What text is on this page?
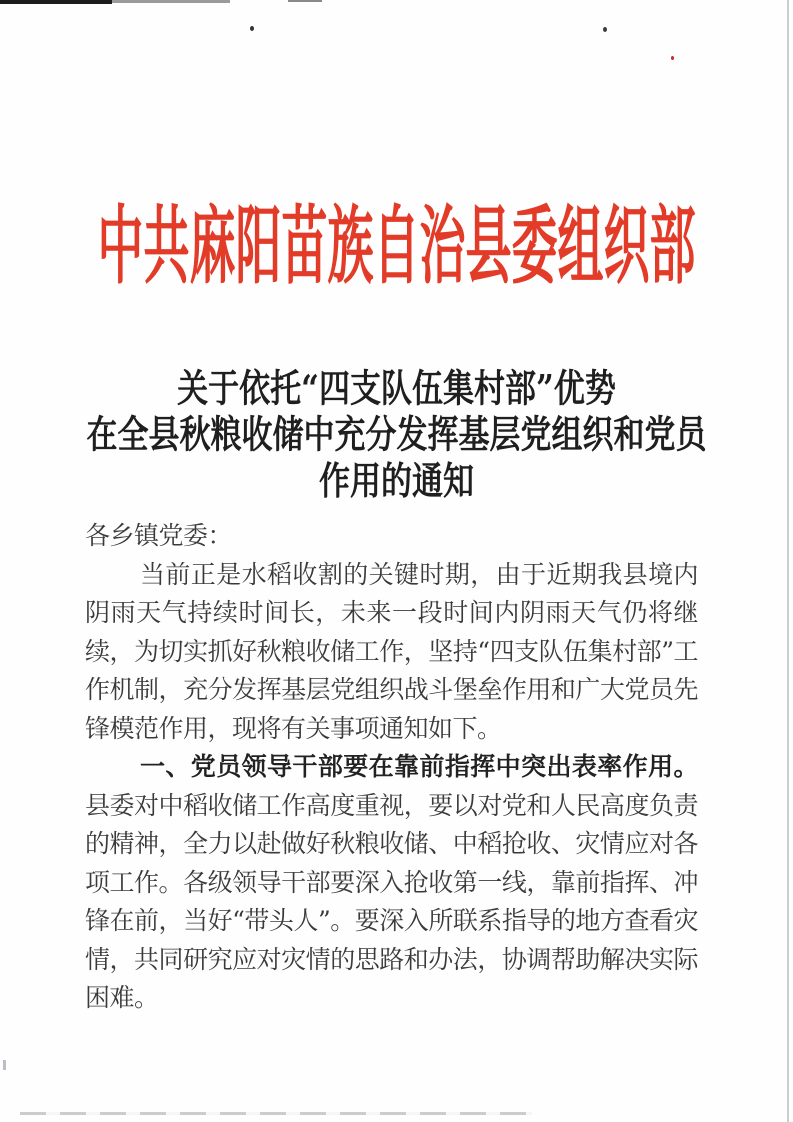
中共麻阳苗族自治县委组织部
关于依托“四支队伍集村部”优势
在全县秋粮收储中充分发挥基层党组织和党员
作用的通知

各乡镇党委：

当前正是水稻收割的关键时期，由于近期我县境内阴雨天气持续时间长，未来一段时间内阴雨天气仍将继续，为切实抓好秋粮收储工作，坚持“四支队伍集村部”工作机制，充分发挥基层党组织战斗堡垒作用和广大党员先锋模范作用，现将有关事项通知如下。

一、党员领导干部要在靠前指挥中突出表率作用。县委对中稻收储工作高度重视，要以对党和人民高度负责的精神，全力以赴做好秋粮收储、中稻抢收、灾情应对各项工作。各级领导干部要深入抢收第一线，靠前指挥、冲锋在前，当好“带头人”。要深入所联系指导的地方查看灾情，共同研究应对灾情的思路和办法，协调帮助解决实际困难。
